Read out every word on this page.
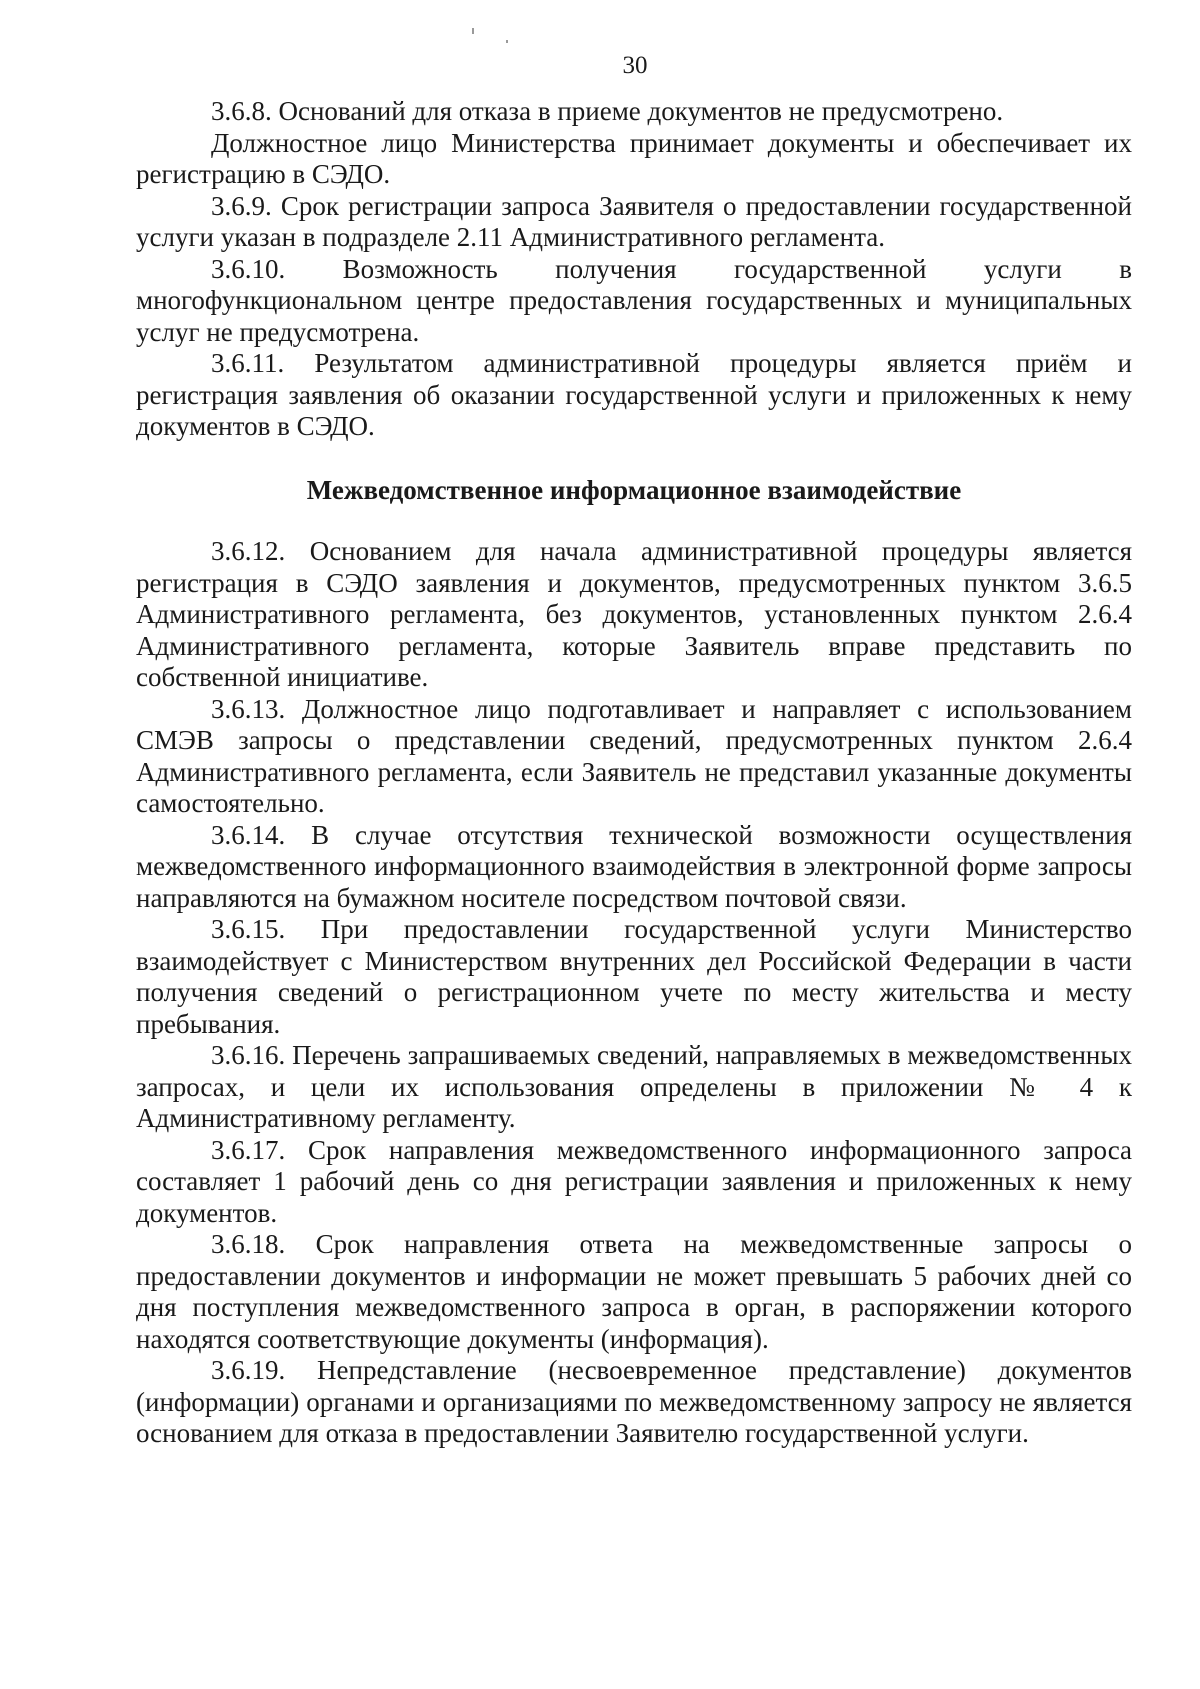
30

3.6.8. Оснований для отказа в приеме документов не предусмотрено.

Должностное лицо Министерства принимает документы и обеспечивает их регистрацию в СЭДО.

3.6.9. Срок регистрации запроса Заявителя о предоставлении государственной услуги указан в подразделе 2.11 Административного регламента.

3.6.10. Возможность получения государственной услуги в многофункциональном центре предоставления государственных и муниципальных услуг не предусмотрена.

3.6.11. Результатом административной процедуры является приём и регистрация заявления об оказании государственной услуги и приложенных к нему документов в СЭДО.

Межведомственное информационное взаимодействие

3.6.12. Основанием для начала административной процедуры является регистрация в СЭДО заявления и документов, предусмотренных пунктом 3.6.5 Административного регламента, без документов, установленных пунктом 2.6.4 Административного регламента, которые Заявитель вправе представить по собственной инициативе.

3.6.13. Должностное лицо подготавливает и направляет с использованием СМЭВ запросы о представлении сведений, предусмотренных пунктом 2.6.4 Административного регламента, если Заявитель не представил указанные документы самостоятельно.

3.6.14. В случае отсутствия технической возможности осуществления межведомственного информационного взаимодействия в электронной форме запросы направляются на бумажном носителе посредством почтовой связи.

3.6.15. При предоставлении государственной услуги Министерство взаимодействует с Министерством внутренних дел Российской Федерации в части получения сведений о регистрационном учете по месту жительства и месту пребывания.

3.6.16. Перечень запрашиваемых сведений, направляемых в межведомственных запросах, и цели их использования определены в приложении № 4 к Административному регламенту.

3.6.17. Срок направления межведомственного информационного запроса составляет 1 рабочий день со дня регистрации заявления и приложенных к нему документов.

3.6.18. Срок направления ответа на межведомственные запросы о предоставлении документов и информации не может превышать 5 рабочих дней со дня поступления межведомственного запроса в орган, в распоряжении которого находятся соответствующие документы (информация).

3.6.19. Непредставление (несвоевременное представление) документов (информации) органами и организациями по межведомственному запросу не является основанием для отказа в предоставлении Заявителю государственной услуги.
